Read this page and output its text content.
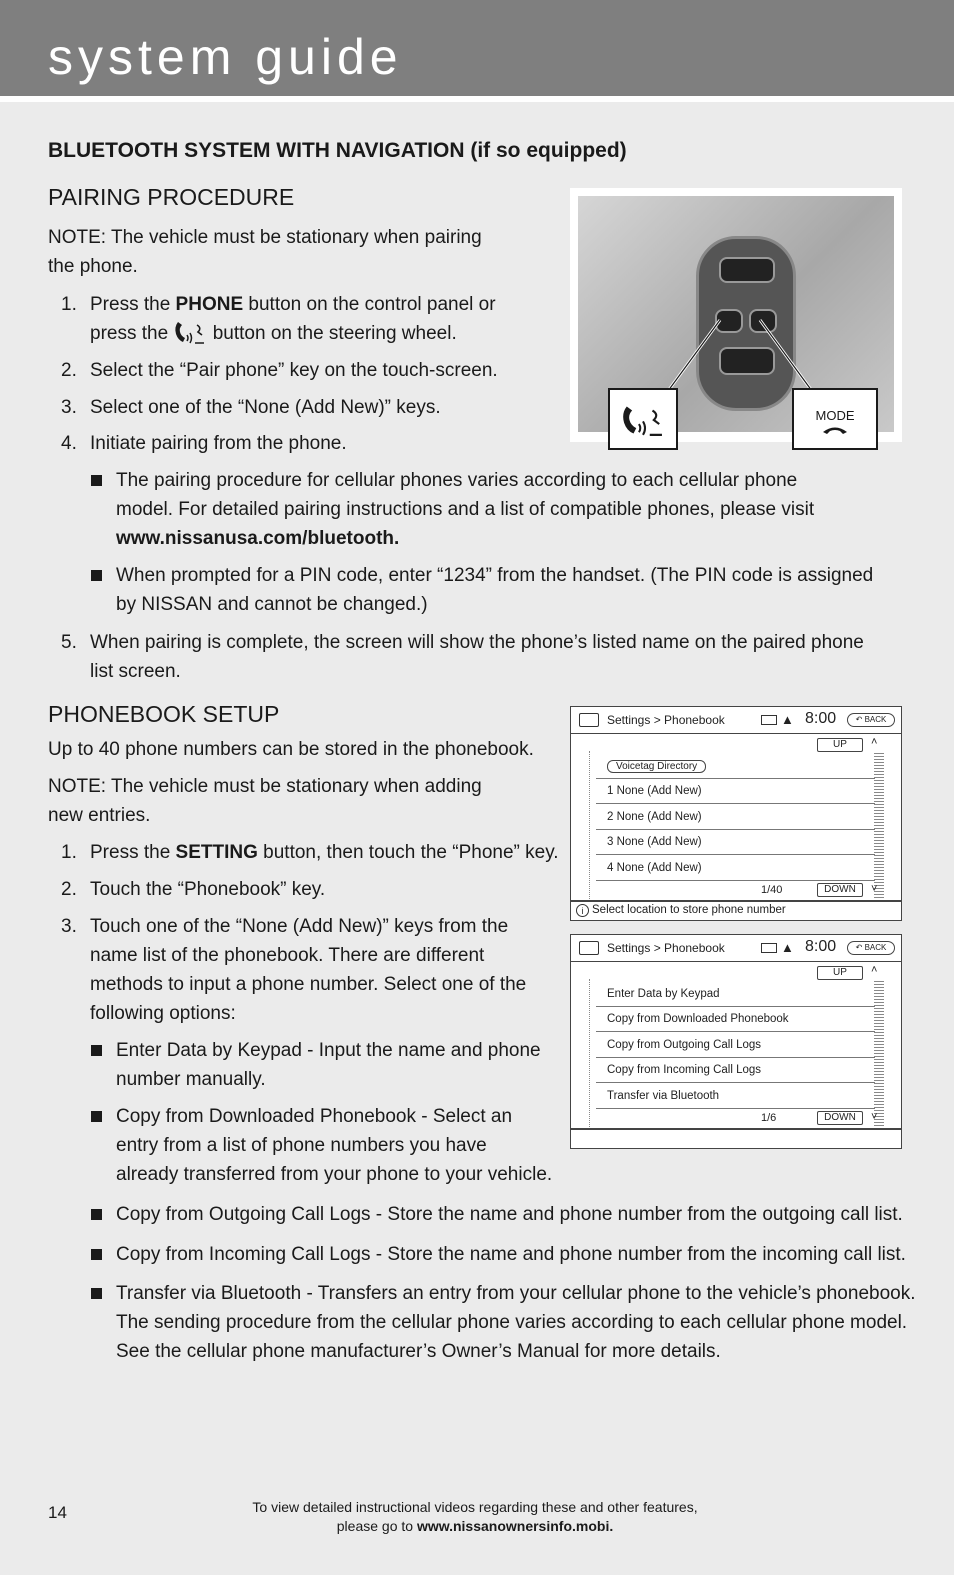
system guide
BLUETOOTH SYSTEM WITH NAVIGATION (if so equipped)
PAIRING PROCEDURE
NOTE: The vehicle must be stationary when pairing
the phone.
1. Press the PHONE button on the control panel or
press the button on the steering wheel.
2. Select the “Pair phone” key on the touch-screen.
3. Select one of the “None (Add New)” keys.
4. Initiate pairing from the phone.
The pairing procedure for cellular phones varies according to each cellular phone
model. For detailed pairing instructions and a list of compatible phones, please visit
www.nissanusa.com/bluetooth.
When prompted for a PIN code, enter “1234” from the handset. (The PIN code is assigned
by NISSAN and cannot be changed.)
5. When pairing is complete, the screen will show the phone’s listed name on the paired phone
list screen.
MODE
PHONEBOOK SETUP
Up to 40 phone numbers can be stored in the phonebook.
NOTE: The vehicle must be stationary when adding
new entries.
1. Press the SETTING button, then touch the “Phone” key.
2. Touch the “Phonebook” key.
3. Touch one of the “None (Add New)” keys from the
name list of the phonebook. There are different
methods to input a phone number. Select one of the
following options:
Enter Data by Keypad - Input the name and phone
number manually.
Copy from Downloaded Phonebook - Select an
entry from a list of phone numbers you have
already transferred from your phone to your vehicle.
Copy from Outgoing Call Logs - Store the name and phone number from the outgoing call list.
Copy from Incoming Call Logs - Store the name and phone number from the incoming call list.
Transfer via Bluetooth - Transfers an entry from your cellular phone to the vehicle’s phonebook.
The sending procedure from the cellular phone varies according to each cellular phone model.
See the cellular phone manufacturer’s Owner’s Manual for more details.
Settings > Phonebook	▲ 8:00	↶ BACK
UP	˄
Voicetag Directory
1 None (Add New)
2 None (Add New)
3 None (Add New)
4 None (Add New)
1/40	DOWN	˅
i Select location to store phone number
Settings > Phonebook	▲ 8:00	↶ BACK
UP	˄
Enter Data by Keypad
Copy from Downloaded Phonebook
Copy from Outgoing Call Logs
Copy from Incoming Call Logs
Transfer via Bluetooth
1/6	DOWN	˅
14	To view detailed instructional videos regarding these and other features,
please go to www.nissanownersinfo.mobi.
